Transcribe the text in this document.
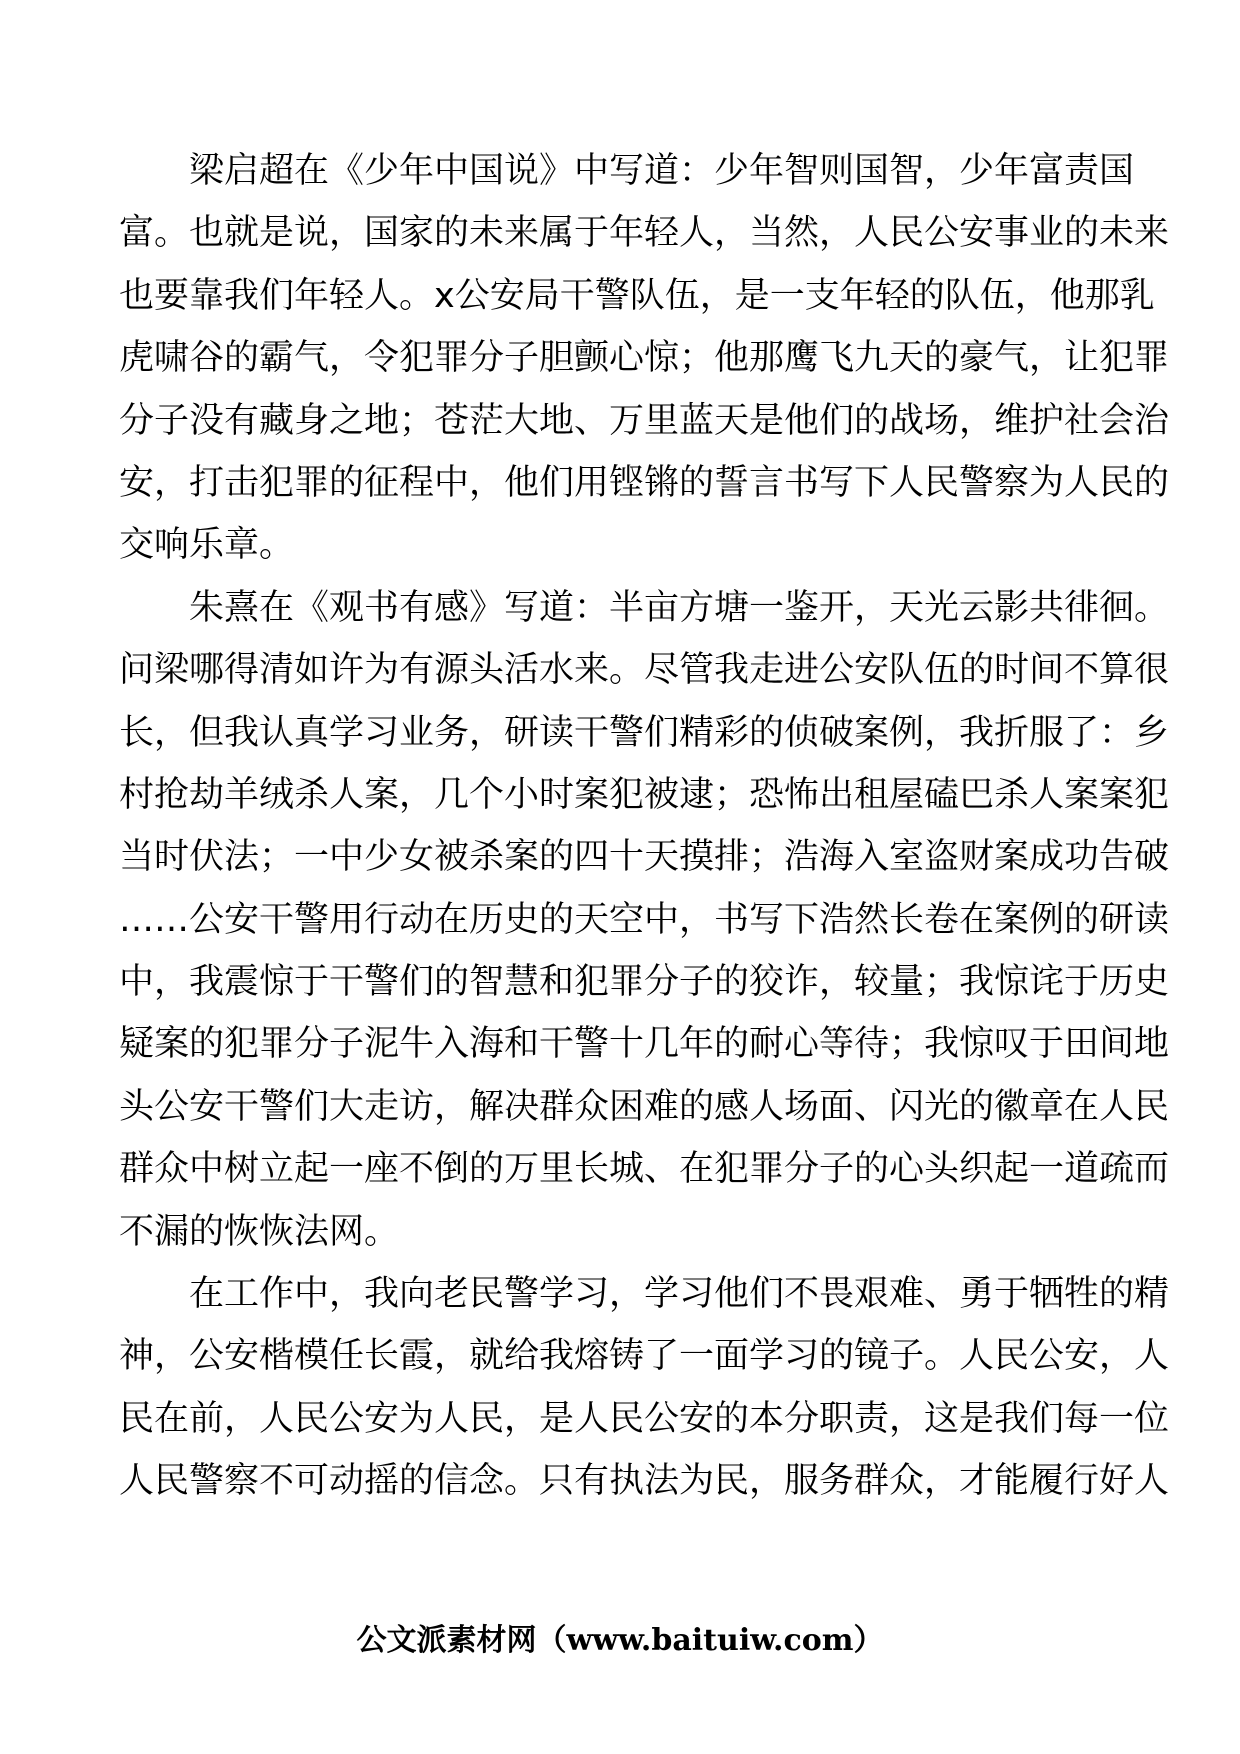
梁启超在《少年中国说》中写道：少年智则国智，少年富责国
富。也就是说，国家的未来属于年轻人，当然，人民公安事业的未来
也要靠我们年轻人。x公安局干警队伍，是一支年轻的队伍，他那乳
虎啸谷的霸气，令犯罪分子胆颤心惊；他那鹰飞九天的豪气，让犯罪
分子没有藏身之地；苍茫大地、万里蓝天是他们的战场，维护社会治
安，打击犯罪的征程中，他们用铿锵的誓言书写下人民警察为人民的
交响乐章。
朱熹在《观书有感》写道：半亩方塘一鉴开，天光云影共徘徊。
问梁哪得清如许为有源头活水来。尽管我走进公安队伍的时间不算很
长，但我认真学习业务，研读干警们精彩的侦破案例，我折服了：乡
村抢劫羊绒杀人案，几个小时案犯被逮；恐怖出租屋磕巴杀人案案犯
当时伏法；一中少女被杀案的四十天摸排；浩海入室盗财案成功告破
……公安干警用行动在历史的天空中，书写下浩然长卷在案例的研读
中，我震惊于干警们的智慧和犯罪分子的狡诈，较量；我惊诧于历史
疑案的犯罪分子泥牛入海和干警十几年的耐心等待；我惊叹于田间地
头公安干警们大走访，解决群众困难的感人场面、闪光的徽章在人民
群众中树立起一座不倒的万里长城、在犯罪分子的心头织起一道疏而
不漏的恢恢法网。
在工作中，我向老民警学习，学习他们不畏艰难、勇于牺牲的精
神，公安楷模任长霞，就给我熔铸了一面学习的镜子。人民公安，人
民在前，人民公安为人民，是人民公安的本分职责，这是我们每一位
人民警察不可动摇的信念。只有执法为民，服务群众，才能履行好人
公文派素材网（www.baituiw.com）
